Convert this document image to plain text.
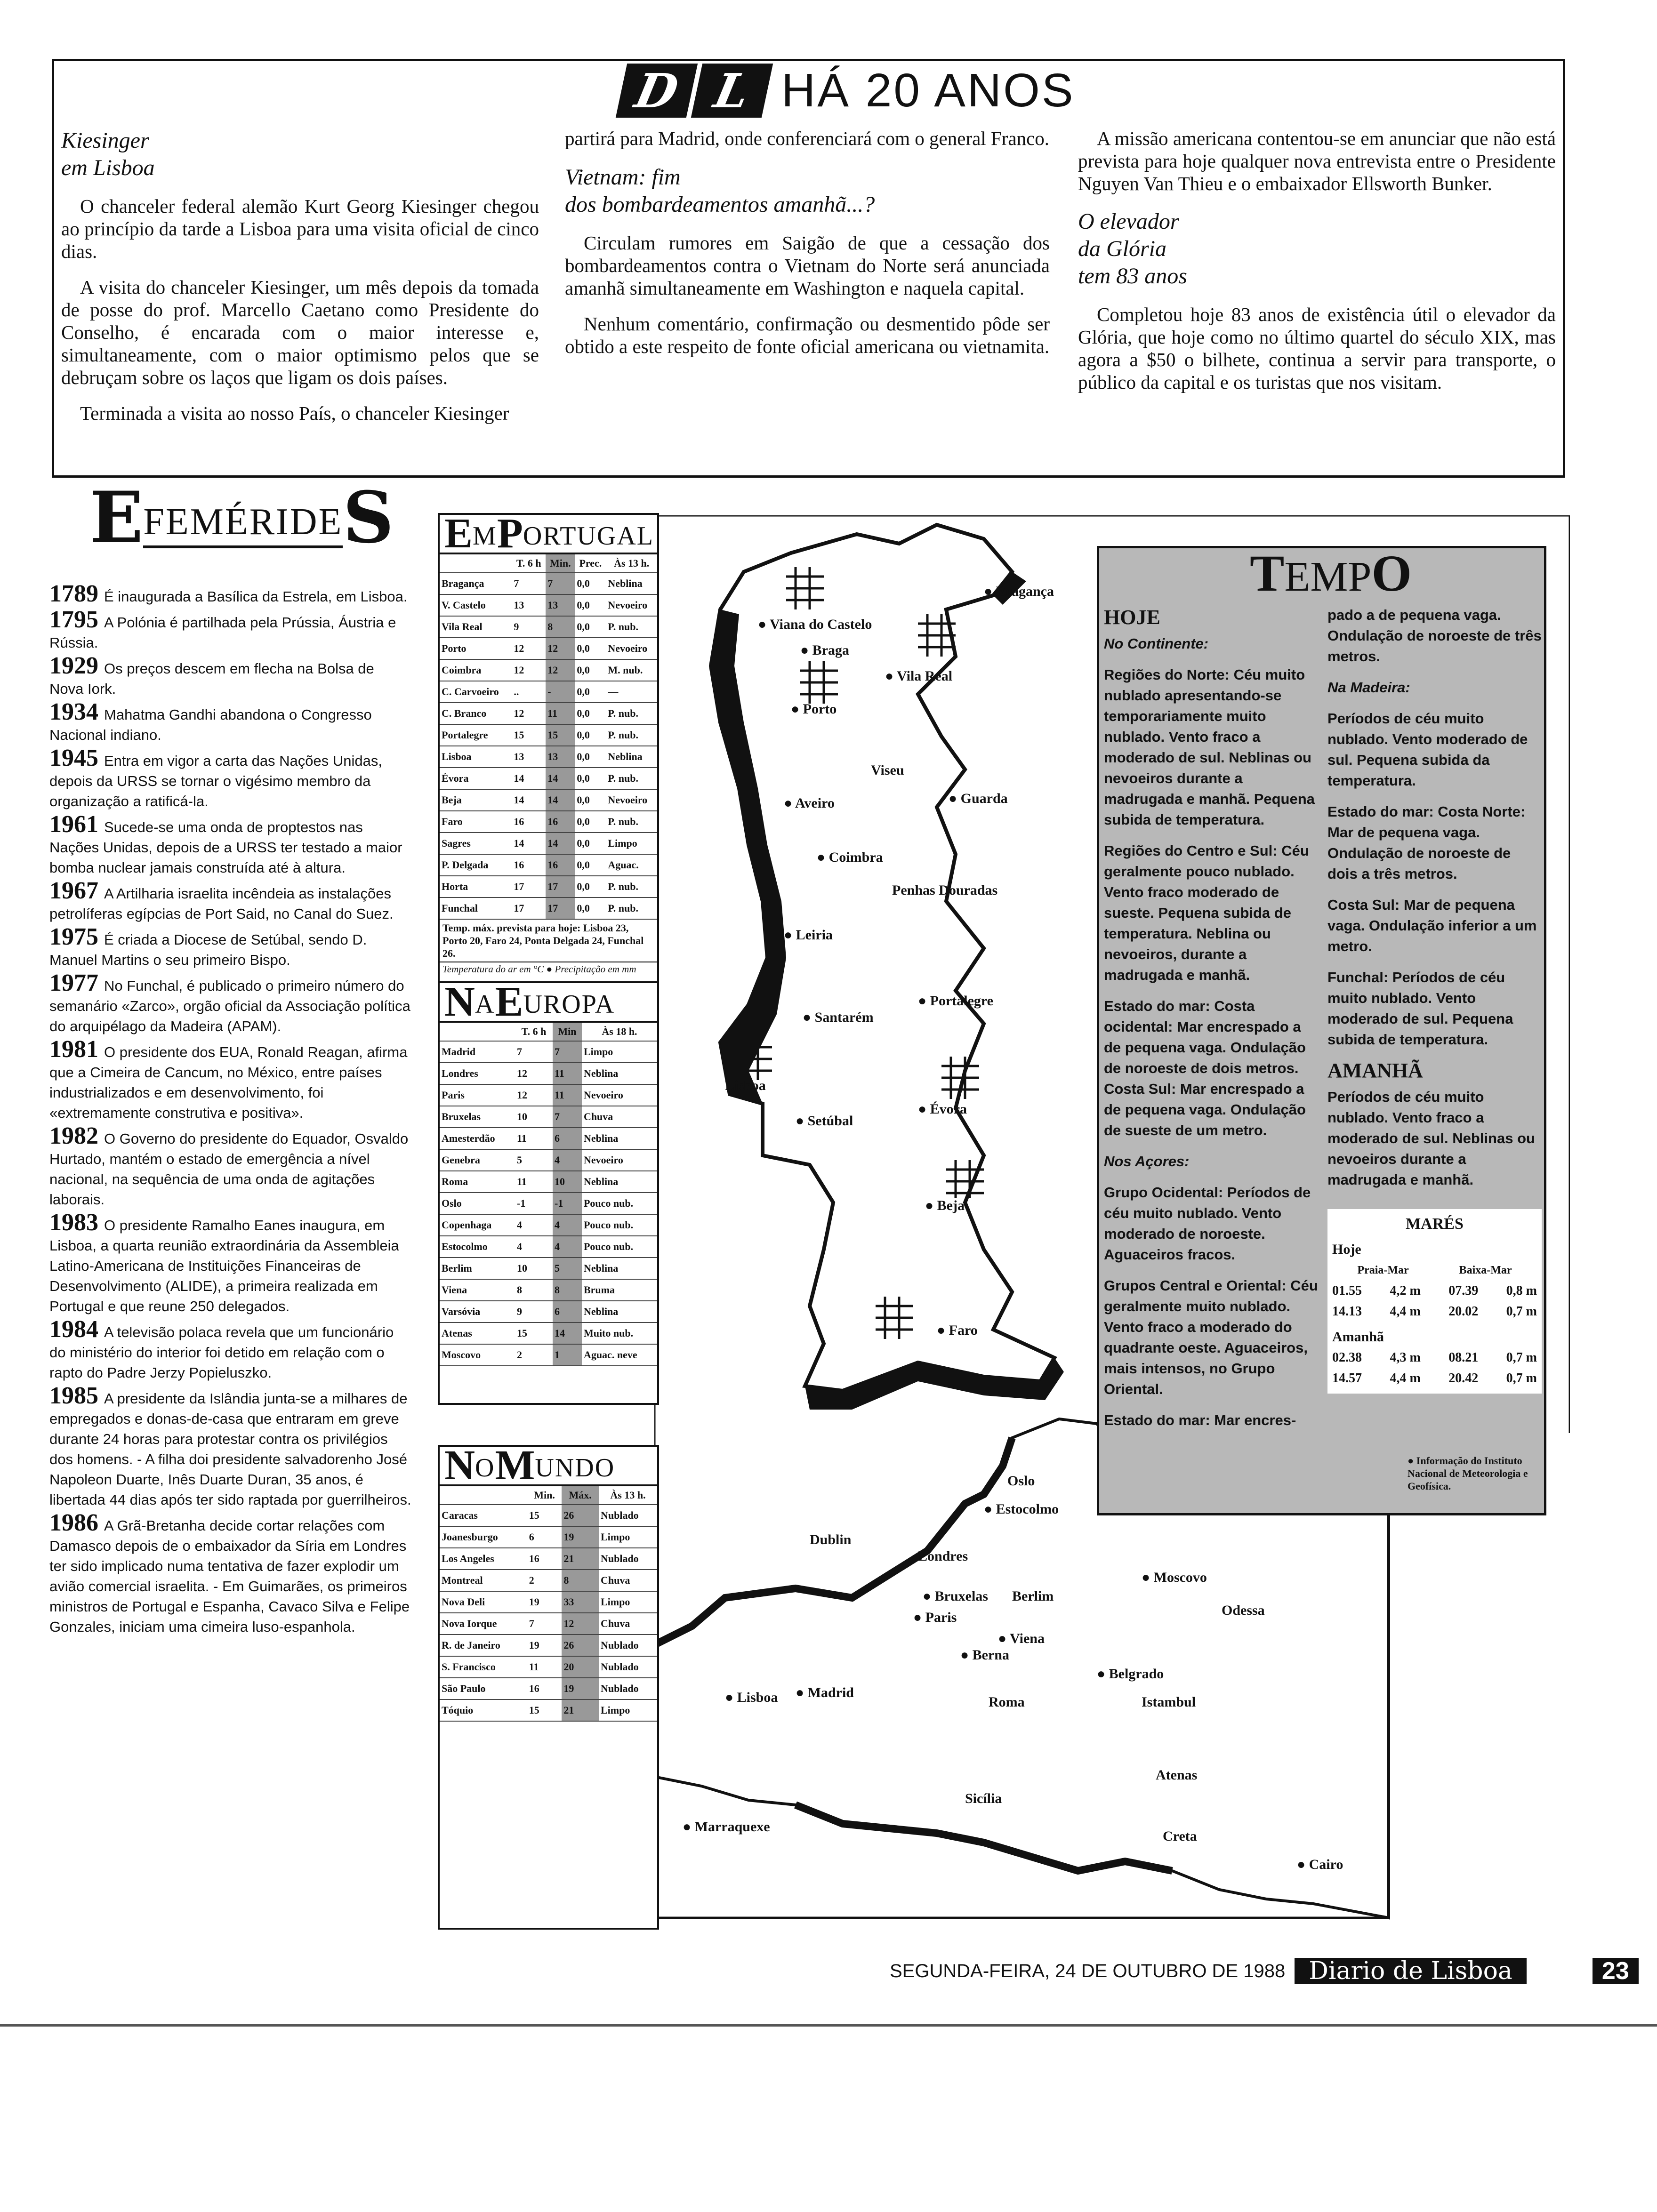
D L HÁ 20 ANOS

Kiesinger
em Lisboa

O chanceler federal alemão Kurt Georg Kiesinger chegou ao princípio da tarde a Lisboa para uma visita oficial de cinco dias.

A visita do chanceler Kiesinger, um mês depois da tomada de posse do prof. Marcello Caetano como Presidente do Conselho, é encarada com o maior interesse e, simultaneamente, com o maior optimismo pelos que se debruçam sobre os laços que ligam os dois países.

Terminada a visita ao nosso País, o chanceler Kiesinger

partirá para Madrid, onde conferenciará com o general Franco.

Vietnam: fim
dos bombardeamentos amanhã...?

Circulam rumores em Saigão de que a cessação dos bombardeamentos contra o Vietnam do Norte será anunciada amanhã simultaneamente em Washington e naquela capital.

Nenhum comentário, confirmação ou desmentido pôde ser obtido a este respeito de fonte oficial americana ou vietnamita.

A missão americana contentou-se em anunciar que não está prevista para hoje qualquer nova entrevista entre o Presidente Nguyen Van Thieu e o embaixador Ellsworth Bunker.

O elevador
da Glória
tem 83 anos

Completou hoje 83 anos de existência útil o elevador da Glória, que hoje como no último quartel do século XIX, mas agora a $50 o bilhete, continua a servir para transporte, o público da capital e os turistas que nos visitam.

E FEMÉRIDE S
1789 É inaugurada a Basílica da Estrela, em Lisboa.
1795 A Polónia é partilhada pela Prússia, Áustria e Rússia.
1929 Os preços descem em flecha na Bolsa de Nova Iork.
1934 Mahatma Gandhi abandona o Congresso Nacional indiano.
1945 Entra em vigor a carta das Nações Unidas, depois da URSS se tornar o vigésimo membro da organização a ratificá-la.
1961 Sucede-se uma onda de proptestos nas Nações Unidas, depois de a URSS ter testado a maior bomba nuclear jamais construída até à altura.
1967 A Artilharia israelita incêndeia as instalações petrolíferas egípcias de Port Said, no Canal do Suez.
1975 É criada a Diocese de Setúbal, sendo D. Manuel Martins o seu primeiro Bispo.
1977 No Funchal, é publicado o primeiro número do semanário «Zarco», orgão oficial da Associação política do arquipélago da Madeira (APAM).
1981 O presidente dos EUA, Ronald Reagan, afirma que a Cimeira de Cancum, no México, entre países industrializados e em desenvolvimento, foi «extremamente construtiva e positiva».
1982 O Governo do presidente do Equador, Osvaldo Hurtado, mantém o estado de emergência a nível nacional, na sequência de uma onda de agitações laborais.
1983 O presidente Ramalho Eanes inaugura, em Lisboa, a quarta reunião extraordinária da Assembleia Latino-Americana de Instituições Financeiras de Desenvolvimento (ALIDE), a primeira realizada em Portugal e que reune 250 delegados.
1984 A televisão polaca revela que um funcionário do ministério do interior foi detido em relação com o rapto do Padre Jerzy Popieluszko.
1985 A presidente da Islândia junta-se a milhares de empregados e donas-de-casa que entraram em greve durante 24 horas para protestar contra os privilégios dos homens. - A filha doi presidente salvadorenho José Napoleon Duarte, Inês Duarte Duran, 35 anos, é libertada 44 dias após ter sido raptada por guerrilheiros.
1986 A Grã-Bretanha decide cortar relações com Damasco depois de o embaixador da Síria em Londres ter sido implicado numa tentativa de fazer explodir um avião comercial israelita. - Em Guimarães, os primeiros ministros de Portugal e Espanha, Cavaco Silva e Felipe Gonzales, iniciam uma cimeira luso-espanhola.
● Bragança
● Viana do Castelo
● Braga
● Vila Real
● Porto
Viseu
● Aveiro	● Guarda
● Coimbra
Penhas Douradas
● Leiria
● Portalegre
● Santarém
Lisboa
● Setúbal
● Évora
● Beja
● Faro
Oslo
● Estocolmo
Dublin
Londres
● Moscovo
● Bruxelas Berlim
● Paris	Odessa
● Viena
● Berna
● Belgrado
● Lisboa ● Madrid
Roma	Istambul
Atenas
Sicília
● Marraquexe
Creta
● Cairo
E M P ORTUGAL
	T. 6 h	Min.	Prec.	Às 13 h.
Bragança	7	7	0,0	Neblina
V. Castelo	13	13	0,0	Nevoeiro
Vila Real	9	8	0,0	P. nub.
Porto	12	12	0,0	Nevoeiro
Coimbra	12	12	0,0	M. nub.
C. Carvoeiro	..	-	0,0	—
C. Branco	12	11	0,0	P. nub.
Portalegre	15	15	0,0	P. nub.
Lisboa	13	13	0,0	Neblina
Évora	14	14	0,0	P. nub.
Beja	14	14	0,0	Nevoeiro
Faro	16	16	0,0	P. nub.
Sagres	14	14	0,0	Limpo
P. Delgada	16	16	0,0	Aguac.
Horta	17	17	0,0	P. nub.
Funchal	17	17	0,0	P. nub.
Temp. máx. prevista para hoje: Lisboa 23, Porto 20, Faro 24, Ponta Delgada 24, Funchal 26.
Temperatura do ar em °C ● Precipitação em mm
N A E UROPA
	T. 6 h	Min	Às 18 h.
Madrid	7	7	Limpo
Londres	12	11	Neblina
Paris	12	11	Nevoeiro
Bruxelas	10	7	Chuva
Amesterdão	11	6	Neblina
Genebra	5	4	Nevoeiro
Roma	11	10	Neblina
Oslo	-1	-1	Pouco nub.
Copenhaga	4	4	Pouco nub.
Estocolmo	4	4	Pouco nub.
Berlim	10	5	Neblina
Viena	8	8	Bruma
Varsóvia	9	6	Neblina
Atenas	15	14	Muito nub.
Moscovo	2	1	Aguac. neve
N O M UNDO
	Min.	Máx.	Às 13 h.
Caracas	15	26	Nublado
Joanesburgo	6	19	Limpo
Los Angeles	16	21	Nublado
Montreal	2	8	Chuva
Nova Deli	19	33	Limpo
Nova Iorque	7	12	Chuva
R. de Janeiro	19	26	Nublado
S. Francisco	11	20	Nublado
São Paulo	16	19	Nublado
Tóquio	15	21	Limpo
TEMPO
HOJE

No Continente:

Regiões do Norte: Céu muito nublado apresentando-se temporariamente muito nublado. Vento fraco a moderado de sul. Neblinas ou nevoeiros durante a madrugada e manhã. Pequena subida de temperatura.

Regiões do Centro e Sul: Céu geralmente pouco nublado. Vento fraco moderado de sueste. Pequena subida de temperatura. Neblina ou nevoeiros, durante a madrugada e manhã.

Estado do mar: Costa ocidental: Mar encrespado a de pequena vaga. Ondulação de noroeste de dois metros. Costa Sul: Mar encrespado a de pequena vaga. Ondulação de sueste de um metro.

Nos Açores:

Grupo Ocidental: Períodos de céu muito nublado. Vento moderado de noroeste. Aguaceiros fracos.

Grupos Central e Oriental: Céu geralmente muito nublado. Vento fraco a moderado do quadrante oeste. Aguaceiros, mais intensos, no Grupo Oriental.

Estado do mar: Mar encres-

pado a de pequena vaga. Ondulação de noroeste de três metros.

Na Madeira:

Períodos de céu muito nublado. Vento moderado de sul. Pequena subida da temperatura.

Estado do mar: Costa Norte: Mar de pequena vaga. Ondulação de noroeste de dois a três metros.

Costa Sul: Mar de pequena vaga. Ondulação inferior a um metro.

Funchal: Períodos de céu muito nublado. Vento moderado de sul. Pequena subida de temperatura.

AMANHÃ

Períodos de céu muito nublado. Vento fraco a moderado de sul. Neblinas ou nevoeiros durante a madrugada e manhã.

MARÉS
Hoje
Praia-Mar	Baixa-Mar
01.55 4,2 m 07.39 0,8 m
14.13 4,4 m 20.02 0,7 m
Amanhã
02.38 4,3 m 08.21 0,7 m
14.57 4,4 m 20.42 0,7 m
● Informação do Instituto Nacional de Meteorologia e Geofísica.
SEGUNDA-FEIRA, 24 DE OUTUBRO DE 1988 Diario de Lisboa	23
